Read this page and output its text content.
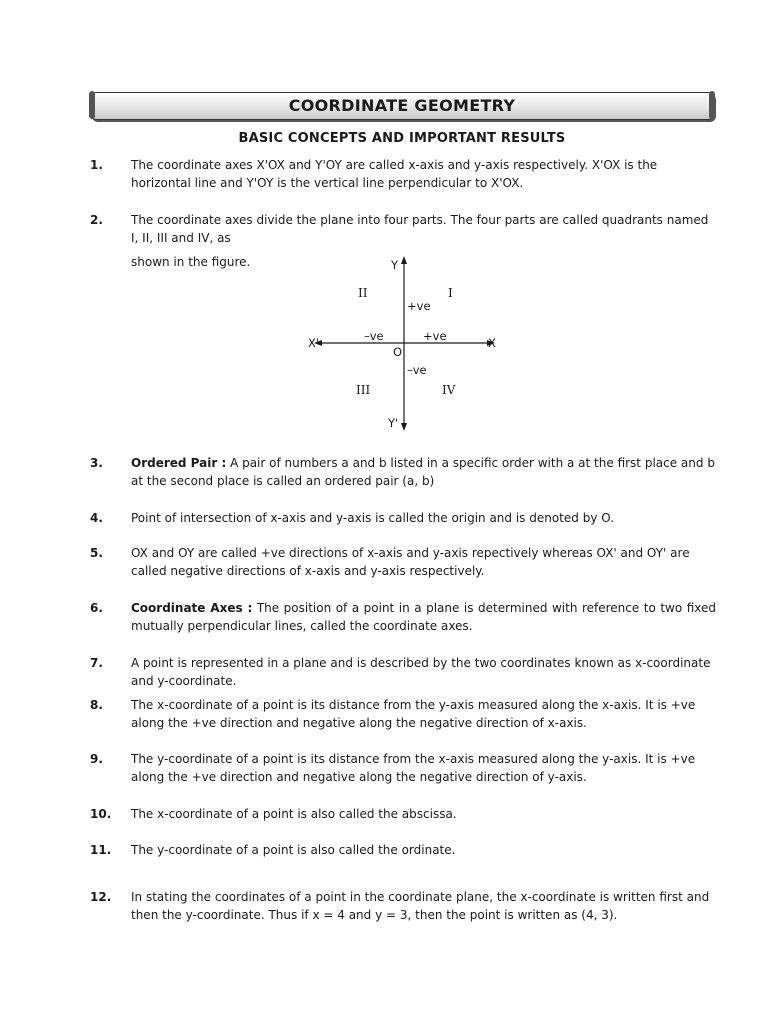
COORDINATE GEOMETRY
BASIC CONCEPTS AND IMPORTANT RESULTS
1. The coordinate axes X'OX and Y'OY are called x-axis and y-axis respectively. X'OX is the horizontal line and Y'OY is the vertical line perpendicular to X'OX.
2. The coordinate axes divide the plane into four parts. The four parts are called quadrants named I, II, III and IV, as
shown in the figure.	Y
Y'
X
X'
O
I
II
III	IV
+ve
–ve
+ve
–ve
3. Ordered Pair : A pair of numbers a and b listed in a specific order with a at the first place and b at the second place is called an ordered pair (a, b)
4. Point of intersection of x-axis and y-axis is called the origin and is denoted by O.
5. OX and OY are called +ve directions of x-axis and y-axis repectively whereas OX' and OY' are called negative directions of x-axis and y-axis respectively.
6. Coordinate Axes : The position of a point in a plane is determined with reference to two fixed mutually perpendicular lines, called the coordinate axes.
7. A point is represented in a plane and is described by the two coordinates known as x-coordinate and y-coordinate.
8. The x-coordinate of a point is its distance from the y-axis measured along the x-axis. It is +ve along the +ve direction and negative along the negative direction of x-axis.
9. The y-coordinate of a point is its distance from the x-axis measured along the y-axis. It is +ve along the +ve direction and negative along the negative direction of y-axis.
10. The x-coordinate of a point is also called the abscissa.
11. The y-coordinate of a point is also called the ordinate.
12. In stating the coordinates of a point in the coordinate plane, the x-coordinate is written first and then the y-coordinate. Thus if x = 4 and y = 3, then the point is written as (4, 3).
